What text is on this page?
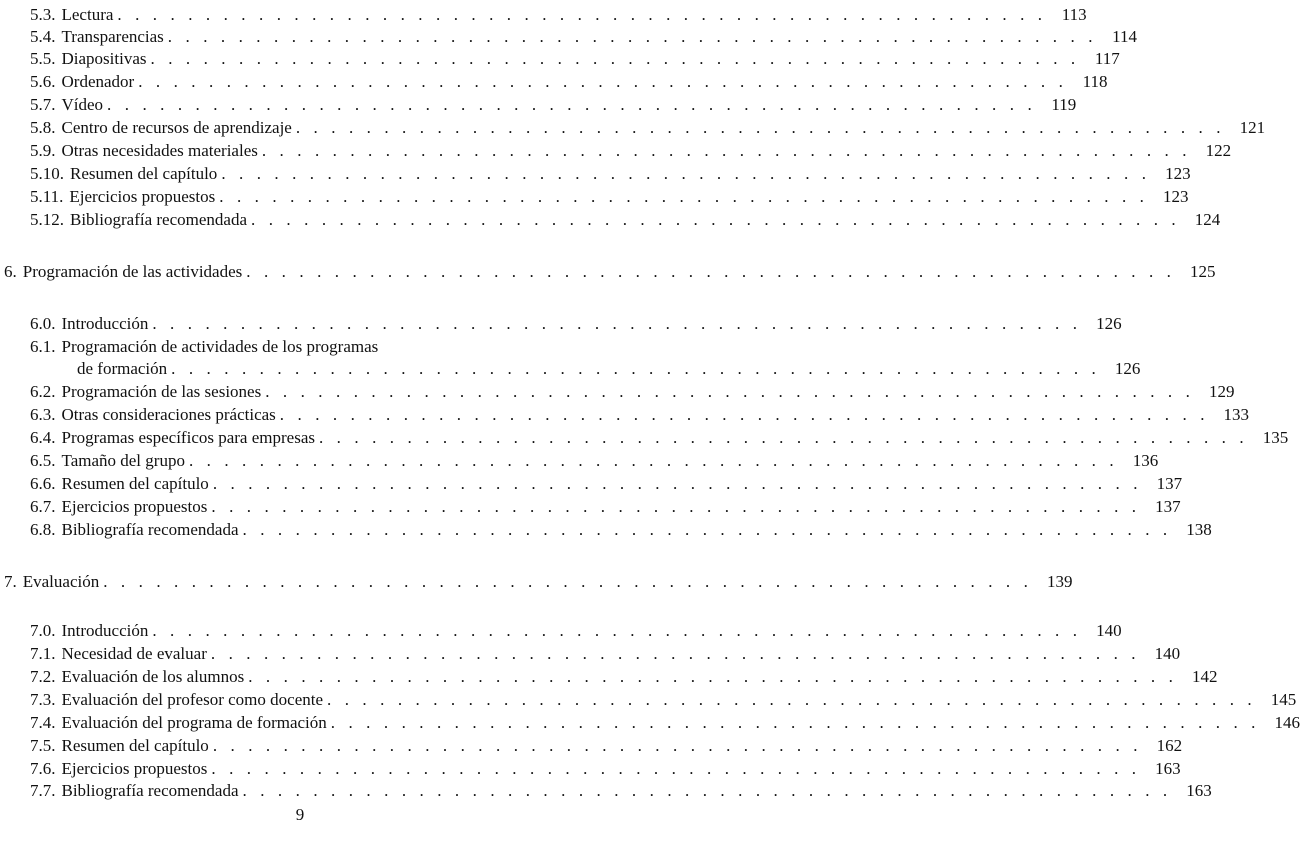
5.3. Lectura . . . . . . . . . . . . . . . . . . . . . . . . . . . . . . . . . . . . . . . . . . . . . . . . . . . . . 113
5.4. Transparencias . . . . . . . . . . . . . . . . . . . . . . . . . . . . . . . . . . . . . . . . . . . . . . . . . . . . . 114
5.5. Diapositivas . . . . . . . . . . . . . . . . . . . . . . . . . . . . . . . . . . . . . . . . . . . . . . . . . . . . . 117
5.6. Ordenador . . . . . . . . . . . . . . . . . . . . . . . . . . . . . . . . . . . . . . . . . . . . . . . . . . . . . 118
5.7. Vídeo . . . . . . . . . . . . . . . . . . . . . . . . . . . . . . . . . . . . . . . . . . . . . . . . . . . . . 119
5.8. Centro de recursos de aprendizaje . . . . . . . . . . . . . . . . . . . . . . . . . . . . . . . . . . . . . . . . . . . . . . . . . . . . . 121
5.9. Otras necesidades materiales . . . . . . . . . . . . . . . . . . . . . . . . . . . . . . . . . . . . . . . . . . . . . . . . . . . . . 122
5.10. Resumen del capítulo . . . . . . . . . . . . . . . . . . . . . . . . . . . . . . . . . . . . . . . . . . . . . . . . . . . . . 123
5.11. Ejercicios propuestos . . . . . . . . . . . . . . . . . . . . . . . . . . . . . . . . . . . . . . . . . . . . . . . . . . . . . 123
5.12. Bibliografía recomendada . . . . . . . . . . . . . . . . . . . . . . . . . . . . . . . . . . . . . . . . . . . . . . . . . . . . . 124
6. Programación de las actividades . . . . . . . . . . . . . . . . . . . . . . . . . . . . . . . . . . . . . . . . . . . . . . . . . . . . . 125
6.0. Introducción . . . . . . . . . . . . . . . . . . . . . . . . . . . . . . . . . . . . . . . . . . . . . . . . . . . . . 126
6.1. Programación de actividades de los programas
de formación . . . . . . . . . . . . . . . . . . . . . . . . . . . . . . . . . . . . . . . . . . . . . . . . . . . . . 126
6.2. Programación de las sesiones . . . . . . . . . . . . . . . . . . . . . . . . . . . . . . . . . . . . . . . . . . . . . . . . . . . . . 129
6.3. Otras consideraciones prácticas . . . . . . . . . . . . . . . . . . . . . . . . . . . . . . . . . . . . . . . . . . . . . . . . . . . . . 133
6.4. Programas específicos para empresas . . . . . . . . . . . . . . . . . . . . . . . . . . . . . . . . . . . . . . . . . . . . . . . . . . . . . 135
6.5. Tamaño del grupo . . . . . . . . . . . . . . . . . . . . . . . . . . . . . . . . . . . . . . . . . . . . . . . . . . . . . 136
6.6. Resumen del capítulo . . . . . . . . . . . . . . . . . . . . . . . . . . . . . . . . . . . . . . . . . . . . . . . . . . . . . 137
6.7. Ejercicios propuestos . . . . . . . . . . . . . . . . . . . . . . . . . . . . . . . . . . . . . . . . . . . . . . . . . . . . . 137
6.8. Bibliografía recomendada . . . . . . . . . . . . . . . . . . . . . . . . . . . . . . . . . . . . . . . . . . . . . . . . . . . . . 138
7. Evaluación . . . . . . . . . . . . . . . . . . . . . . . . . . . . . . . . . . . . . . . . . . . . . . . . . . . . . 139
7.0. Introducción . . . . . . . . . . . . . . . . . . . . . . . . . . . . . . . . . . . . . . . . . . . . . . . . . . . . . 140
7.1. Necesidad de evaluar . . . . . . . . . . . . . . . . . . . . . . . . . . . . . . . . . . . . . . . . . . . . . . . . . . . . . 140
7.2. Evaluación de los alumnos . . . . . . . . . . . . . . . . . . . . . . . . . . . . . . . . . . . . . . . . . . . . . . . . . . . . . 142
7.3. Evaluación del profesor como docente . . . . . . . . . . . . . . . . . . . . . . . . . . . . . . . . . . . . . . . . . . . . . . . . . . . . . 145
7.4. Evaluación del programa de formación . . . . . . . . . . . . . . . . . . . . . . . . . . . . . . . . . . . . . . . . . . . . . . . . . . . . . 146
7.5. Resumen del capítulo . . . . . . . . . . . . . . . . . . . . . . . . . . . . . . . . . . . . . . . . . . . . . . . . . . . . . 162
7.6. Ejercicios propuestos . . . . . . . . . . . . . . . . . . . . . . . . . . . . . . . . . . . . . . . . . . . . . . . . . . . . . 163
7.7. Bibliografía recomendada . . . . . . . . . . . . . . . . . . . . . . . . . . . . . . . . . . . . . . . . . . . . . . . . . . . . . 163
9
